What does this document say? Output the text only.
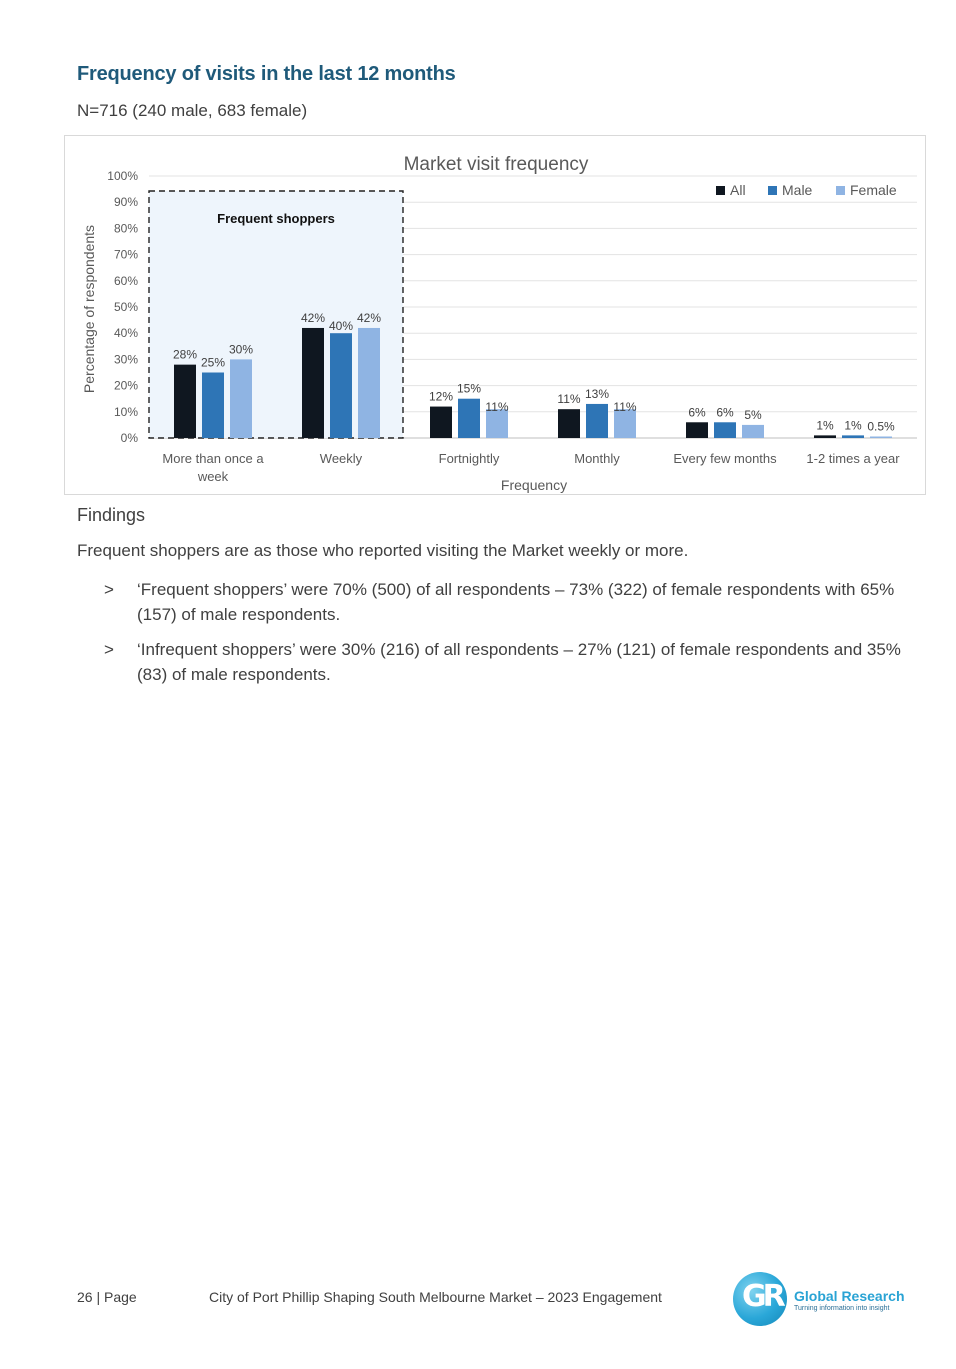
Frequency of visits in the last 12 months
N=716 (240 male, 683 female)
Frequent shoppers
28%
25%
30%
42%
40%
42%
12%
15%
11%
11% 13%
11%	6% 6% 5%
1% 1% 0.5%
0%
10%
20%
30%
40%
50%
60%
70%
80%
90%
100%
More than once a week
Weekly	Fortnightly	Monthly	Every few months 1-2 times a year
Market visit frequency
Frequency
Percentage of respondents
All	Male	Female
Findings
Frequent shoppers are as those who reported visiting the Market weekly or more.
> ‘Frequent shoppers’ were 70% (500) of all respondents – 73% (322) of female respondents with 65% (157) of male respondents.
> ‘Infrequent shoppers’ were 30% (216) of all respondents – 27% (121) of female respondents and 35% (83) of male respondents.
26 | Page	City of Port Phillip Shaping South Melbourne Market – 2023 Engagement	GR Global Research
Turning information into insight
